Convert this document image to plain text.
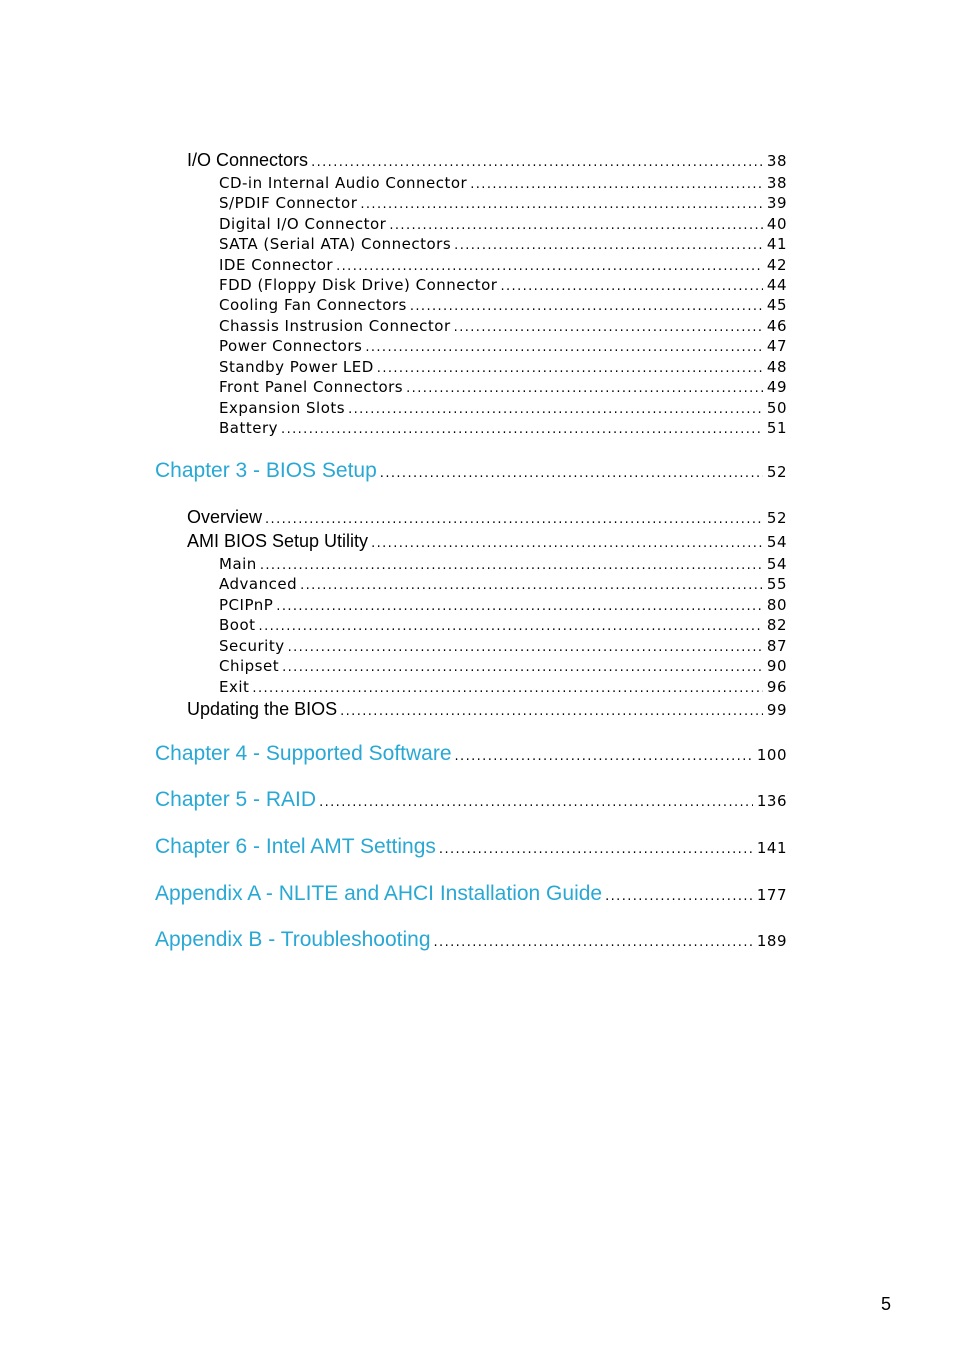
I/O Connectors .....	38
CD-in Internal Audio Connector .....	38
S/PDIF Connector .....	39
Digital I/O Connector .....	40
SATA (Serial ATA) Connectors .....	41
IDE Connector .....	42
FDD (Floppy Disk Drive) Connector .....	44
Cooling Fan Connectors .....	45
Chassis Instrusion Connector .....	46
Power Connectors .....	47
Standby Power LED .....	48
Front Panel Connectors .....	49
Expansion Slots .....	50
Battery .....	51
Chapter 3 - BIOS Setup .....	52
Overview .....	52
AMI BIOS Setup Utility .....	54
Main .....	54
Advanced .....	55
PCIPnP .....	80
Boot .....	82
Security .....	87
Chipset .....	90
Exit .....	96
Updating the BIOS .....	99
Chapter 4 - Supported Software .....	100
Chapter 5 - RAID .....	136
Chapter 6 - Intel AMT Settings .....	141
Appendix A - NLITE and AHCI Installation Guide .....	177
Appendix B - Troubleshooting .....	189
5
